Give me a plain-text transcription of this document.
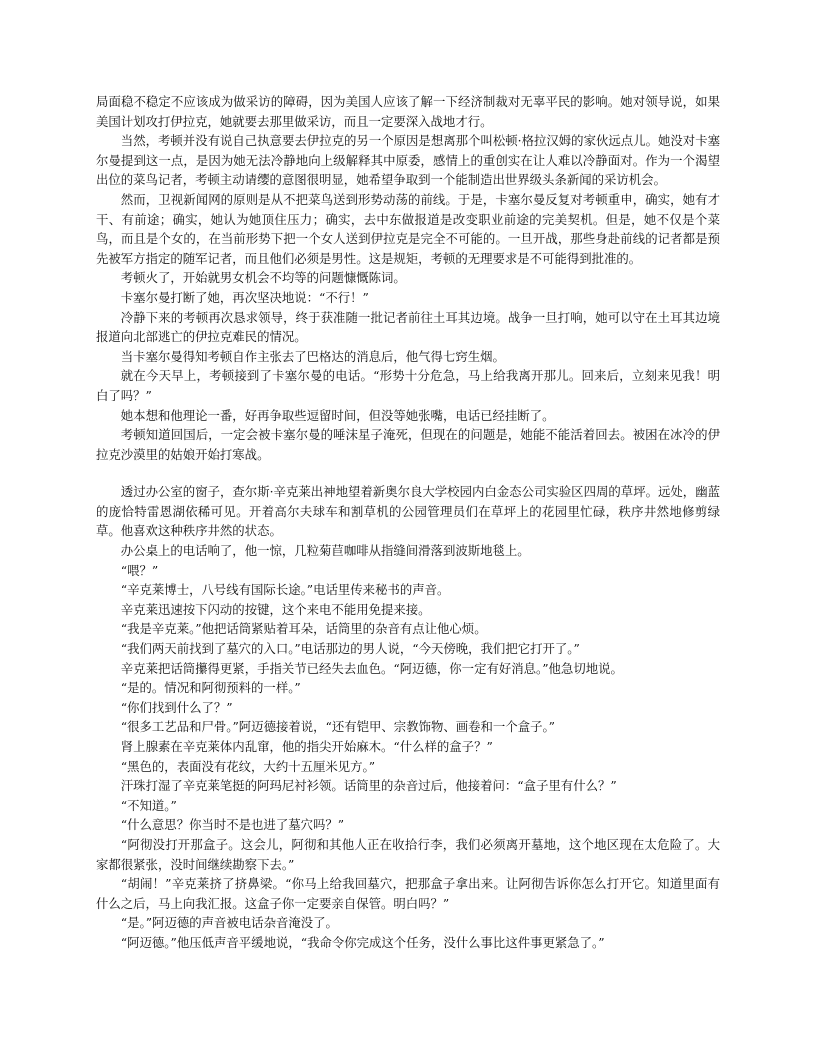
局面稳不稳定不应该成为做采访的障碍，因为美国人应该了解一下经济制裁对无辜平民的影响。她对领导说，如果美国计划攻打伊拉克，她就要去那里做采访，而且一定要深入战地才行。

当然，考顿并没有说自己执意要去伊拉克的另一个原因是想离那个叫松顿·格拉汉姆的家伙远点儿。她没对卡塞尔曼提到这一点，是因为她无法冷静地向上级解释其中原委，感情上的重创实在让人难以冷静面对。作为一个渴望出位的菜鸟记者，考顿主动请缨的意图很明显，她希望争取到一个能制造出世界级头条新闻的采访机会。

然而，卫视新闻网的原则是从不把菜鸟送到形势动荡的前线。于是，卡塞尔曼反复对考顿重申，确实，她有才干、有前途；确实，她认为她顶住压力；确实，去中东做报道是改变职业前途的完美契机。但是，她不仅是个菜鸟，而且是个女的，在当前形势下把一个女人送到伊拉克是完全不可能的。一旦开战，那些身赴前线的记者都是预先被军方指定的随军记者，而且他们必须是男性。这是规矩，考顿的无理要求是不可能得到批准的。

考顿火了，开始就男女机会不均等的问题慷慨陈词。

卡塞尔曼打断了她，再次坚决地说：“不行！”

冷静下来的考顿再次恳求领导，终于获准随一批记者前往土耳其边境。战争一旦打响，她可以守在土耳其边境报道向北部逃亡的伊拉克难民的情况。

当卡塞尔曼得知考顿自作主张去了巴格达的消息后，他气得七窍生烟。

就在今天早上，考顿接到了卡塞尔曼的电话。“形势十分危急，马上给我离开那儿。回来后，立刻来见我！明白了吗？”

她本想和他理论一番，好再争取些逗留时间，但没等她张嘴，电话已经挂断了。

考顿知道回国后，一定会被卡塞尔曼的唾沫星子淹死，但现在的问题是，她能不能活着回去。被困在冰冷的伊拉克沙漠里的姑娘开始打寒战。

透过办公室的窗子，查尔斯·辛克莱出神地望着新奥尔良大学校园内白金态公司实验区四周的草坪。远处，幽蓝的庞恰特雷恩湖依稀可见。开着高尔夫球车和割草机的公园管理员们在草坪上的花园里忙碌，秩序井然地修剪绿草。他喜欢这种秩序井然的状态。

办公桌上的电话响了，他一惊，几粒菊苣咖啡从指缝间滑落到波斯地毯上。

“喂？”

“辛克莱博士，八号线有国际长途。”电话里传来秘书的声音。

辛克莱迅速按下闪动的按键，这个来电不能用免提来接。

“我是辛克莱。”他把话筒紧贴着耳朵，话筒里的杂音有点让他心烦。

“我们两天前找到了墓穴的入口。”电话那边的男人说，“今天傍晚，我们把它打开了。”

辛克莱把话筒攥得更紧，手指关节已经失去血色。“阿迈德，你一定有好消息。”他急切地说。

“是的。情况和阿彻预料的一样。”

“你们找到什么了？”

“很多工艺品和尸骨。”阿迈德接着说，“还有铠甲、宗教饰物、画卷和一个盒子。”

肾上腺素在辛克莱体内乱窜，他的指尖开始麻木。“什么样的盒子？”

“黑色的，表面没有花纹，大约十五厘米见方。”

汗珠打湿了辛克莱笔挺的阿玛尼衬衫领。话筒里的杂音过后，他接着问：“盒子里有什么？”

“不知道。”

“什么意思？你当时不是也进了墓穴吗？”

“阿彻没打开那盒子。这会儿，阿彻和其他人正在收拾行李，我们必须离开墓地，这个地区现在太危险了。大家都很紧张，没时间继续勘察下去。”

“胡闹！”辛克莱挤了挤鼻梁。“你马上给我回墓穴，把那盒子拿出来。让阿彻告诉你怎么打开它。知道里面有什么之后，马上向我汇报。这盒子你一定要亲自保管。明白吗？”

“是。”阿迈德的声音被电话杂音淹没了。

“阿迈德。”他压低声音平缓地说，“我命令你完成这个任务，没什么事比这件事更紧急了。”
